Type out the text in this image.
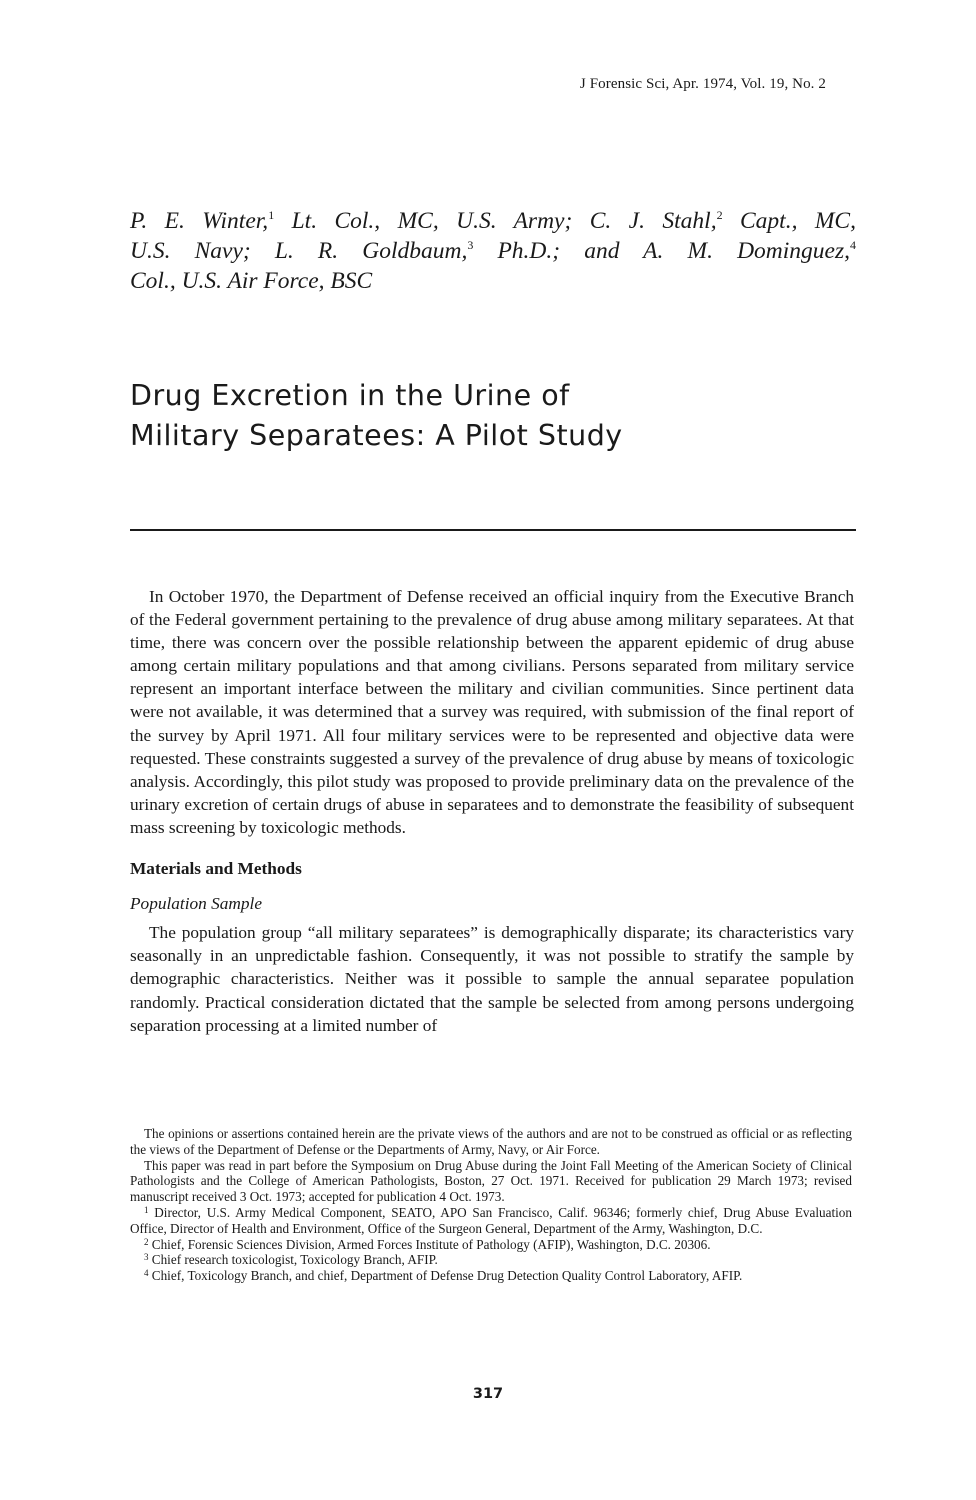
J Forensic Sci, Apr. 1974, Vol. 19, No. 2
P. E. Winter,$^1$ Lt. Col., MC, U.S. Army; C. J. Stahl,$^2$ Capt., MC,
U.S. Navy; L. R. Goldbaum,$^3$ Ph.D.; and A. M. Dominguez,$^4$
Col., U.S. Air Force, BSC
Drug Excretion in the Urine of
Military Separatees: A Pilot Study

In October 1970, the Department of Defense received an official inquiry from the Executive Branch of the Federal government pertaining to the prevalence of drug abuse among military separatees. At that time, there was concern over the possible relationship between the apparent epidemic of drug abuse among certain military populations and that among civilians. Persons separated from military service represent an important interface between the military and civilian communities. Since pertinent data were not available, it was determined that a survey was required, with submission of the final report of the survey by April 1971. All four military services were to be represented and objective data were requested. These constraints suggested a survey of the prevalence of drug abuse by means of toxicologic analysis. Accordingly, this pilot study was proposed to provide preliminary data on the prevalence of the urinary excretion of certain drugs of abuse in separatees and to demonstrate the feasibility of subsequent mass screening by toxicologic methods.

Materials and Methods

Population Sample

The population group “all military separatees” is demographically disparate; its characteristics vary seasonally in an unpredictable fashion. Consequently, it was not possible to stratify the sample by demographic characteristics. Neither was it possible to sample the annual separatee population randomly. Practical consideration dictated that the sample be selected from among persons undergoing separation processing at a limited number of

The opinions or assertions contained herein are the private views of the authors and are not to be construed as official or as reflecting the views of the Department of Defense or the Departments of Army, Navy, or Air Force.

This paper was read in part before the Symposium on Drug Abuse during the Joint Fall Meeting of the American Society of Clinical Pathologists and the College of American Pathologists, Boston, 27 Oct. 1971. Received for publication 29 March 1973; revised manuscript received 3 Oct. 1973; accepted for publication 4 Oct. 1973.

$^1$ Director, U.S. Army Medical Component, SEATO, APO San Francisco, Calif. 96346; formerly chief, Drug Abuse Evaluation Office, Director of Health and Environment, Office of the Surgeon General, Department of the Army, Washington, D.C.

$^2$ Chief, Forensic Sciences Division, Armed Forces Institute of Pathology (AFIP), Washington, D.C. 20306.

$^3$ Chief research toxicologist, Toxicology Branch, AFIP.

$^4$ Chief, Toxicology Branch, and chief, Department of Defense Drug Detection Quality Control Laboratory, AFIP.

317
